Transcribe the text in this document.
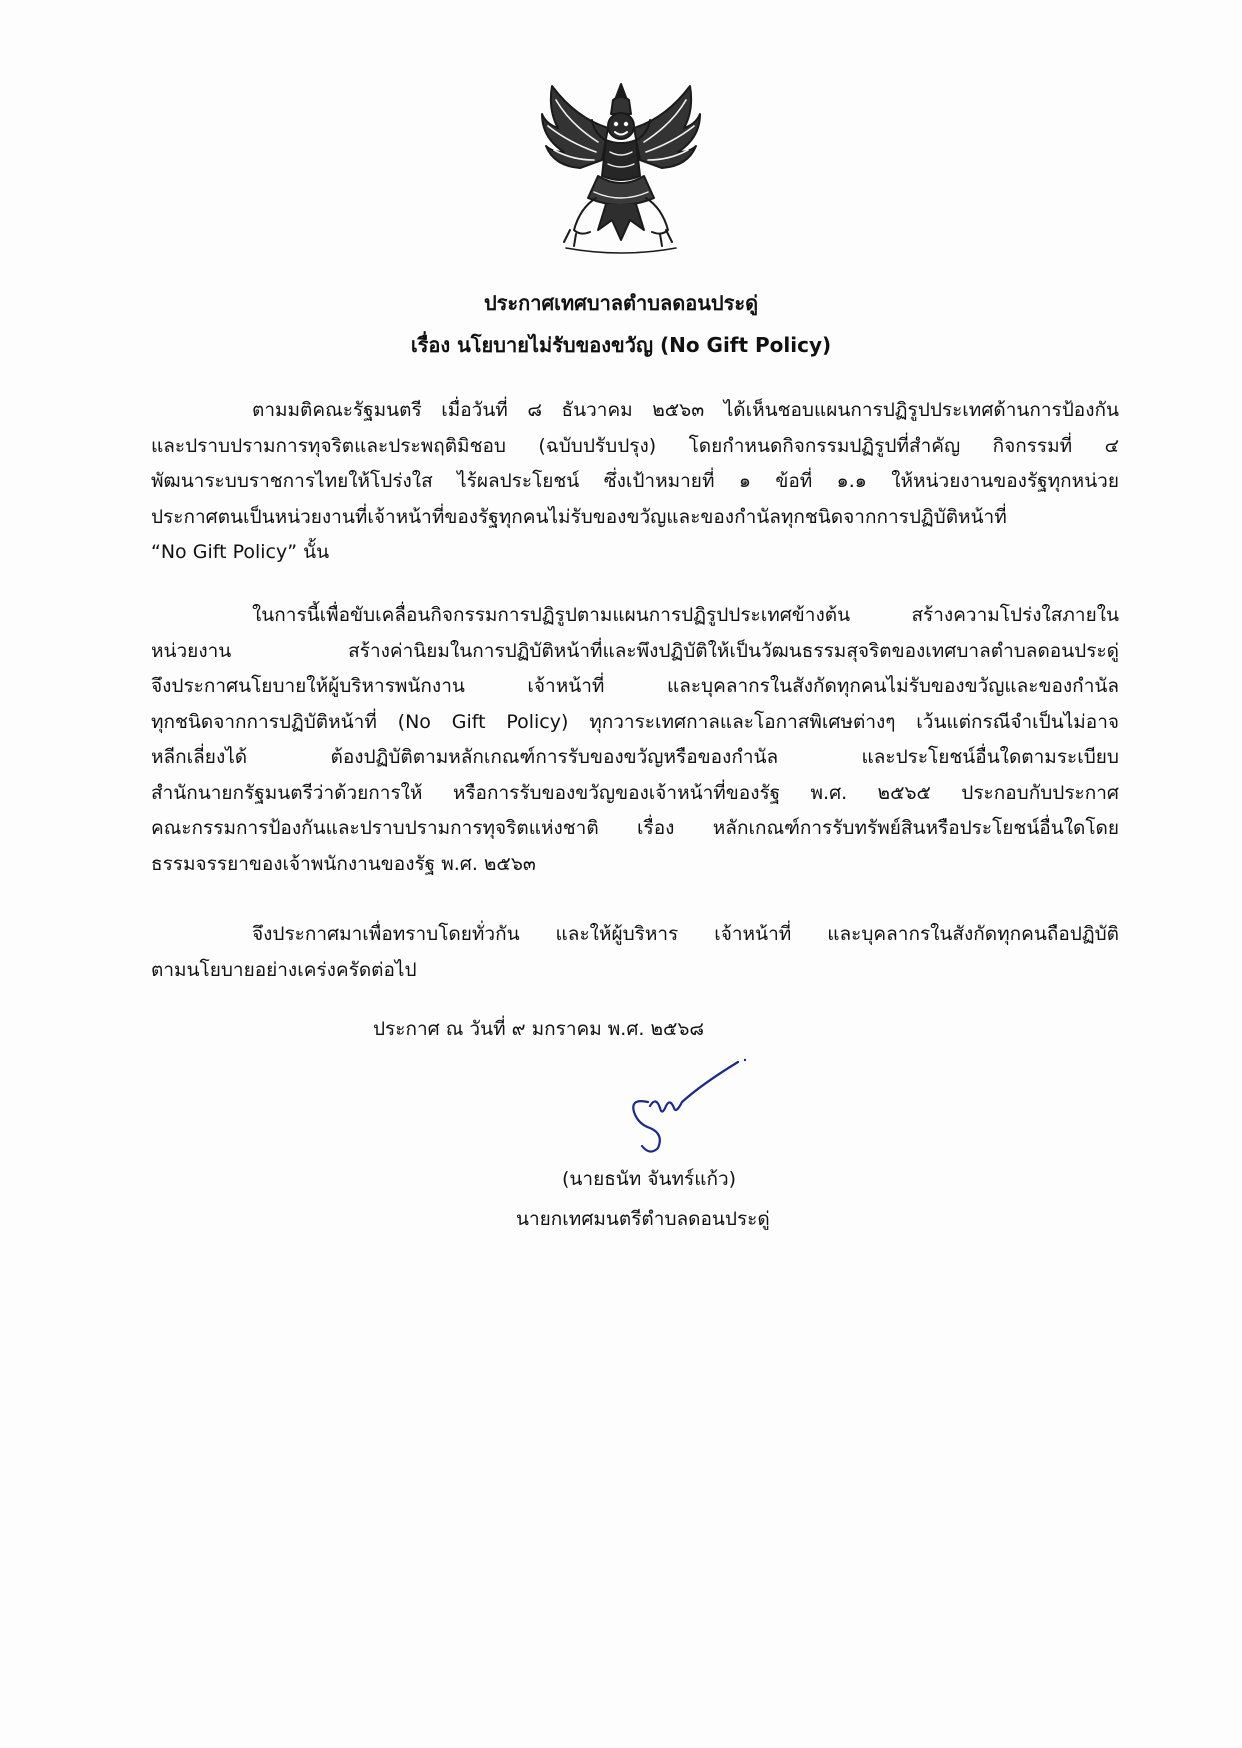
ประกาศเทศบาลตำบลดอนประดู่
เรื่อง นโยบายไม่รับของขวัญ (No Gift Policy)
ตามมติคณะรัฐมนตรี เมื่อวันที่ ๘ ธันวาคม ๒๕๖๓ ได้เห็นชอบแผนการปฏิรูปประเทศด้านการป้องกัน
และปราบปรามการทุจริตและประพฤติมิชอบ (ฉบับปรับปรุง) โดยกำหนดกิจกรรมปฏิรูปที่สำคัญ กิจกรรมที่ ๔
พัฒนาระบบราชการไทยให้โปร่งใส ไร้ผลประโยชน์ ซึ่งเป้าหมายที่ ๑ ข้อที่ ๑.๑ ให้หน่วยงานของรัฐทุกหน่วย
ประกาศตนเป็นหน่วยงานที่เจ้าหน้าที่ของรัฐทุกคนไม่รับของขวัญและของกำนัลทุกชนิดจากการปฏิบัติหน้าที่
“No Gift Policy” นั้น
ในการนี้เพื่อขับเคลื่อนกิจกรรมการปฏิรูปตามแผนการปฏิรูปประเทศข้างต้น สร้างความโปร่งใสภายใน
หน่วยงาน สร้างค่านิยมในการปฏิบัติหน้าที่และพึงปฏิบัติให้เป็นวัฒนธรรมสุจริตของเทศบาลตำบลดอนประดู่
จึงประกาศนโยบายให้ผู้บริหารพนักงาน เจ้าหน้าที่ และบุคลากรในสังกัดทุกคนไม่รับของขวัญและของกำนัล
ทุกชนิดจากการปฏิบัติหน้าที่ (No Gift Policy) ทุกวาระเทศกาลและโอกาสพิเศษต่างๆ เว้นแต่กรณีจำเป็นไม่อาจ
หลีกเลี่ยงได้ ต้องปฏิบัติตามหลักเกณฑ์การรับของขวัญหรือของกำนัล และประโยชน์อื่นใดตามระเบียบ
สำนักนายกรัฐมนตรีว่าด้วยการให้ หรือการรับของขวัญของเจ้าหน้าที่ของรัฐ พ.ศ. ๒๕๖๕ ประกอบกับประกาศ
คณะกรรมการป้องกันและปราบปรามการทุจริตแห่งชาติ เรื่อง หลักเกณฑ์การรับทรัพย์สินหรือประโยชน์อื่นใดโดย
ธรรมจรรยาของเจ้าพนักงานของรัฐ พ.ศ. ๒๕๖๓
จึงประกาศมาเพื่อทราบโดยทั่วกัน และให้ผู้บริหาร เจ้าหน้าที่ และบุคลากรในสังกัดทุกคนถือปฏิบัติ
ตามนโยบายอย่างเคร่งครัดต่อไป
ประกาศ ณ วันที่ ๙ มกราคม พ.ศ. ๒๕๖๘
(นายธนัท จันทร์แก้ว)
นายกเทศมนตรีตำบลดอนประดู่
